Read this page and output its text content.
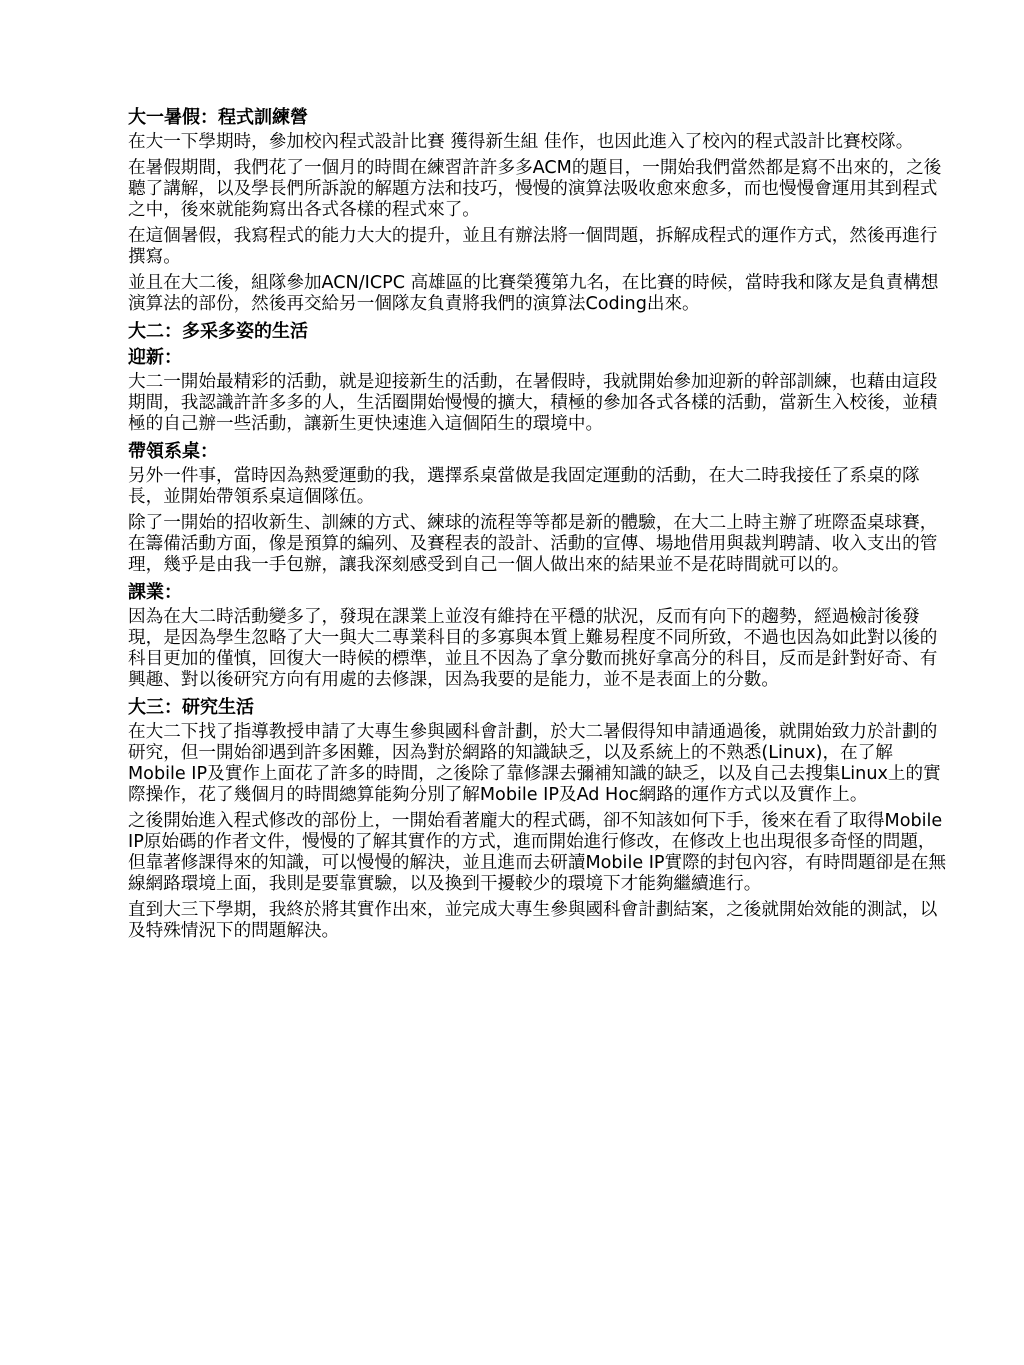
大一暑假：程式訓練營

在大一下學期時，參加校內程式設計比賽 獲得新生組 佳作，也因此進入了校內的程式設計比賽校隊。

在暑假期間，我們花了一個月的時間在練習許許多多ACM的題目，一開始我們當然都是寫不出來的，之後聽了講解，以及學長們所訴說的解題方法和技巧，慢慢的演算法吸收愈來愈多，而也慢慢會運用其到程式之中，後來就能夠寫出各式各樣的程式來了。

在這個暑假，我寫程式的能力大大的提升，並且有辦法將一個問題，拆解成程式的運作方式，然後再進行撰寫。

並且在大二後，組隊參加ACN/ICPC 高雄區的比賽榮獲第九名，在比賽的時候，當時我和隊友是負責構想演算法的部份，然後再交給另一個隊友負責將我們的演算法Coding出來。

大二：多采多姿的生活
迎新：

大二一開始最精彩的活動，就是迎接新生的活動，在暑假時，我就開始參加迎新的幹部訓練，也藉由這段期間，我認識許許多多的人，生活圈開始慢慢的擴大，積極的參加各式各樣的活動，當新生入校後，並積極的自己辦一些活動，讓新生更快速進入這個陌生的環境中。

帶領系桌：

另外一件事，當時因為熱愛運動的我，選擇系桌當做是我固定運動的活動，在大二時我接任了系桌的隊長，並開始帶領系桌這個隊伍。

除了一開始的招收新生、訓練的方式、練球的流程等等都是新的體驗，在大二上時主辦了班際盃桌球賽，在籌備活動方面，像是預算的編列、及賽程表的設計、活動的宣傳、場地借用與裁判聘請、收入支出的管理，幾乎是由我一手包辦，讓我深刻感受到自己一個人做出來的結果並不是花時間就可以的。

課業：

因為在大二時活動變多了，發現在課業上並沒有維持在平穩的狀況，反而有向下的趨勢，經過檢討後發現，是因為學生忽略了大一與大二專業科目的多寡與本質上難易程度不同所致，不過也因為如此對以後的科目更加的僅慎，回復大一時候的標準，並且不因為了拿分數而挑好拿高分的科目，反而是針對好奇、有興趣、對以後研究方向有用處的去修課，因為我要的是能力，並不是表面上的分數。

大三：研究生活

在大二下找了指導教授申請了大專生參與國科會計劃，於大二暑假得知申請通過後，就開始致力於計劃的研究，但一開始卻遇到許多困難，因為對於網路的知識缺乏，以及系統上的不熟悉(Linux)，在了解Mobile IP及實作上面花了許多的時間，之後除了靠修課去彌補知識的缺乏，以及自己去搜集Linux上的實際操作，花了幾個月的時間總算能夠分別了解Mobile IP及Ad Hoc網路的運作方式以及實作上。

之後開始進入程式修改的部份上，一開始看著龐大的程式碼，卻不知該如何下手，後來在看了取得Mobile IP原始碼的作者文件，慢慢的了解其實作的方式，進而開始進行修改，在修改上也出現很多奇怪的問題，但靠著修課得來的知識，可以慢慢的解決，並且進而去研讀Mobile IP實際的封包內容，有時問題卻是在無線網路環境上面，我則是要靠實驗，以及換到干擾較少的環境下才能夠繼續進行。

直到大三下學期，我終於將其實作出來，並完成大專生參與國科會計劃結案，之後就開始效能的測試，以及特殊情況下的問題解決。
